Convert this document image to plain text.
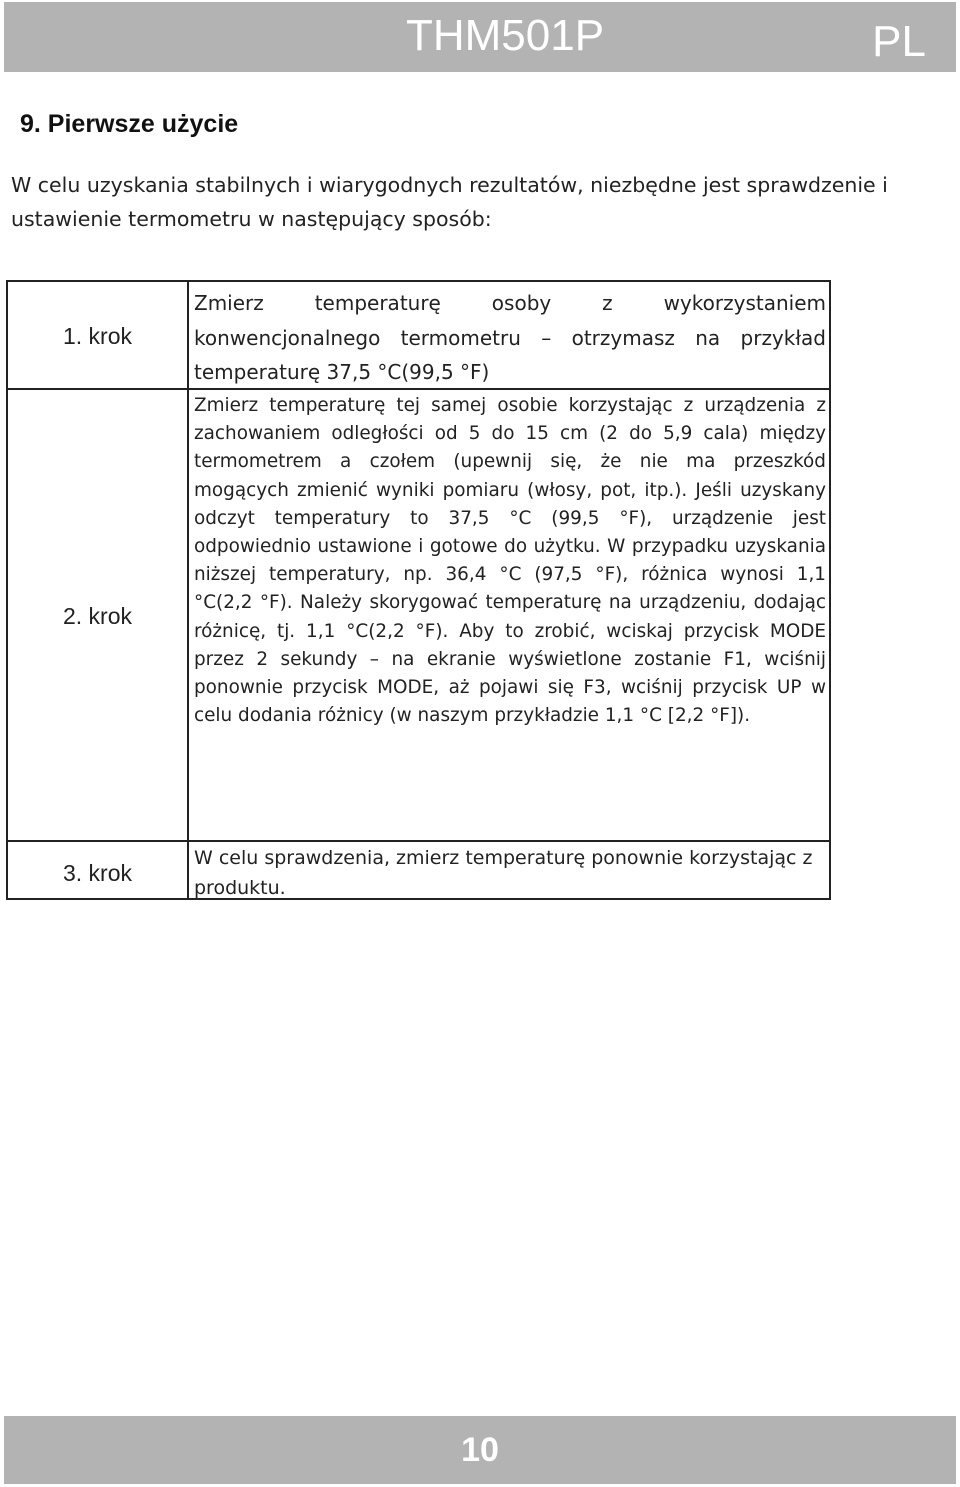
THM501P	PL
9. Pierwsze użycie
W celu uzyskania stabilnych i wiarygodnych rezultatów, niezbędne jest sprawdzenie i ustawienie termometru w następujący sposób:
1. krok
Zmierz temperaturę osoby z wykorzystaniem konwencjonalnego termometru – otrzymasz na przykład temperaturę 37,5 °C(99,5 °F)
2. krok
Zmierz temperaturę tej samej osobie korzystając z urządzenia z zachowaniem odległości od 5 do 15 cm (2 do 5,9 cala) między termometrem a czołem (upewnij się, że nie ma przeszkód mogących zmienić wyniki pomiaru (włosy, pot, itp.). Jeśli uzyskany odczyt temperatury to 37,5 °C (99,5 °F), urządzenie jest odpowiednio ustawione i gotowe do użytku. W przypadku uzyskania niższej temperatury, np. 36,4 °C (97,5 °F), różnica wynosi 1,1 °C(2,2 °F). Należy skorygować temperaturę na urządzeniu, dodając różnicę, tj. 1,1 °C(2,2 °F). Aby to zrobić, wciskaj przycisk MODE przez 2 sekundy – na ekranie wyświetlone zostanie F1, wciśnij ponownie przycisk MODE, aż pojawi się F3, wciśnij przycisk UP w celu dodania różnicy (w naszym przykładzie 1,1 °C [2,2 °F]).
3. krok
W celu sprawdzenia, zmierz temperaturę ponownie korzystając z produktu.
10
